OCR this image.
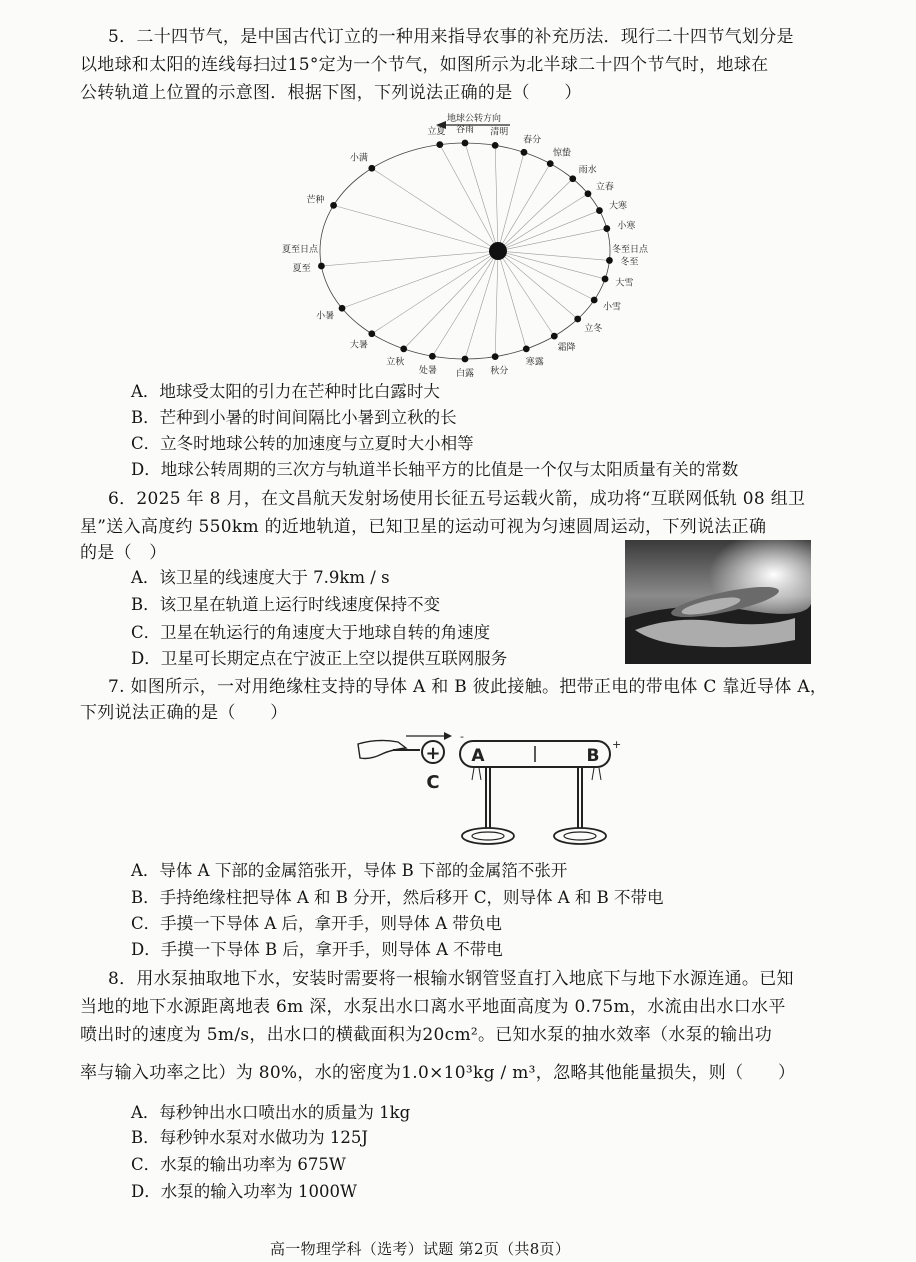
5．二十四节气，是中国古代订立的一种用来指导农事的补充历法．现行二十四节气划分是
以地球和太阳的连线每扫过15°定为一个节气，如图所示为北半球二十四个节气时，地球在
公转轨道上位置的示意图．根据下图，下列说法正确的是（　　）
地球公转方向
立夏 谷雨 清明
春分
惊蛰
雨水
立春
大寒
小寒
冬至日点
冬至
大雪
小雪
立冬
霜降
寒露
秋分
白露
处暑
立秋
大暑
小暑
夏至
夏至日点
芒种
小满
A．地球受太阳的引力在芒种时比白露时大
B．芒种到小暑的时间间隔比小暑到立秋的长
C．立冬时地球公转的加速度与立夏时大小相等
D．地球公转周期的三次方与轨道半长轴平方的比值是一个仅与太阳质量有关的常数
6．2025 年 8 月，在文昌航天发射场使用长征五号运载火箭，成功将“互联网低轨 08 组卫
星”送入高度约 550km 的近地轨道，已知卫星的运动可视为匀速圆周运动，下列说法正确
的是（　）
A．该卫星的线速度大于 7.9km / s
B．该卫星在轨道上运行时线速度保持不变
C．卫星在轨运行的角速度大于地球自转的角速度
D．卫星可长期定点在宁波正上空以提供互联网服务
7. 如图所示，一对用绝缘柱支持的导体 A 和 B 彼此接触。把带正电的带电体 C 靠近导体 A，
下列说法正确的是（　　）
+
C
A	B
-
+
A．导体 A 下部的金属箔张开，导体 B 下部的金属箔不张开
B．手持绝缘柱把导体 A 和 B 分开，然后移开 C，则导体 A 和 B 不带电
C．手摸一下导体 A 后，拿开手，则导体 A 带负电
D．手摸一下导体 B 后，拿开手，则导体 A 不带电
8．用水泵抽取地下水，安装时需要将一根输水钢管竖直打入地底下与地下水源连通。已知
当地的地下水源距离地表 6m 深，水泵出水口离水平地面高度为 0.75m，水流由出水口水平
喷出时的速度为 5m/s，出水口的横截面积为20cm²。已知水泵的抽水效率（水泵的输出功
率与输入功率之比）为 80%，水的密度为1.0×10³kg / m³，忽略其他能量损失，则（　　）
A．每秒钟出水口喷出水的质量为 1kg
B．每秒钟水泵对水做功为 125J
C．水泵的输出功率为 675W
D．水泵的输入功率为 1000W
高一物理学科（选考）试题 第2页（共8页）
